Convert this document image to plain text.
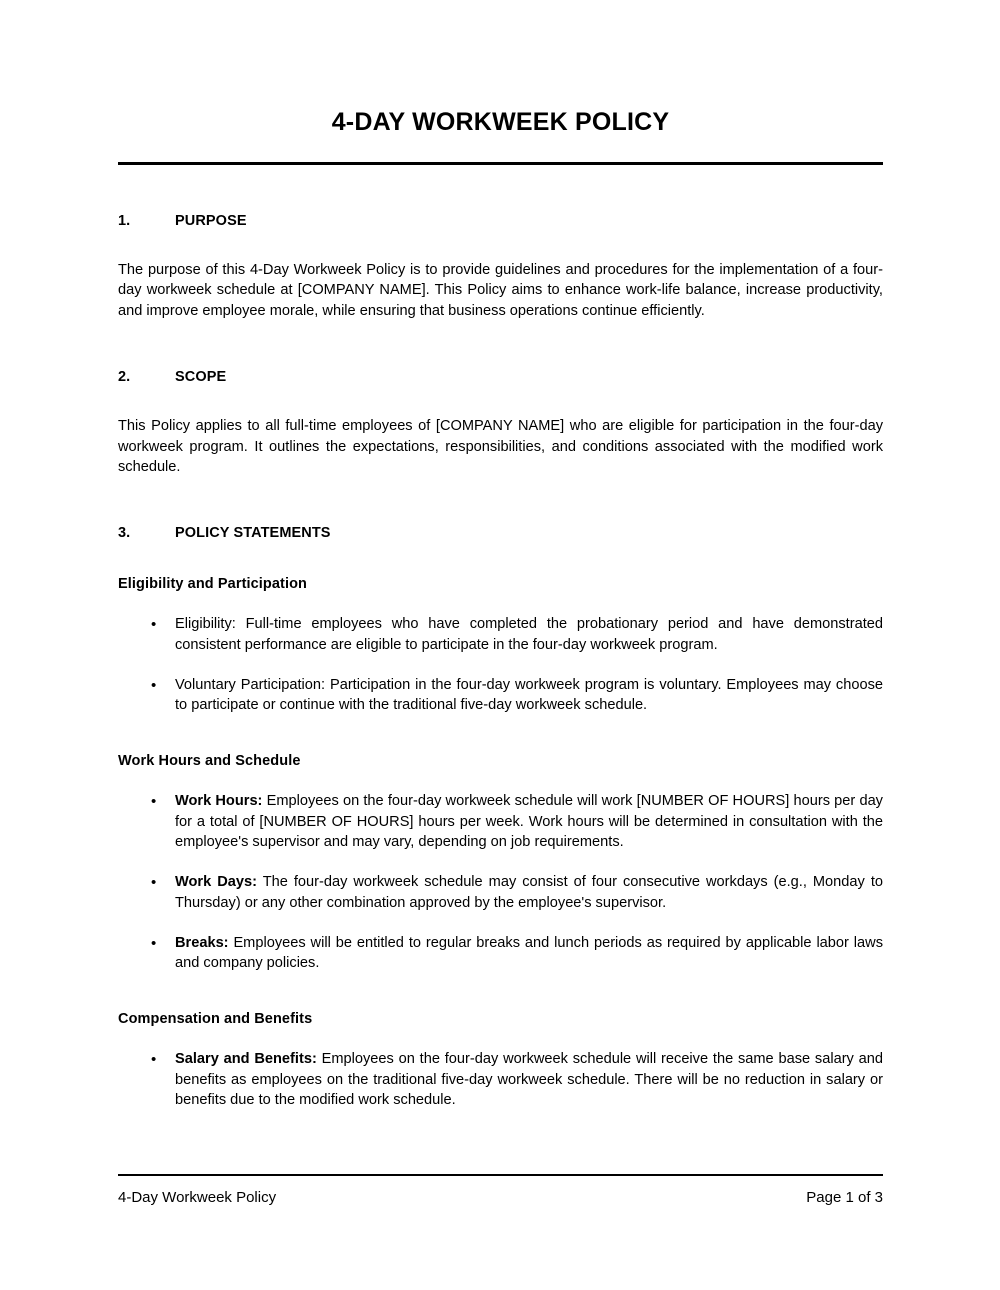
4-DAY WORKWEEK POLICY
1.	PURPOSE

The purpose of this 4-Day Workweek Policy is to provide guidelines and procedures for the implementation of a four-day workweek schedule at [COMPANY NAME]. This Policy aims to enhance work-life balance, increase productivity, and improve employee morale, while ensuring that business operations continue efficiently.

2.	SCOPE

This Policy applies to all full-time employees of [COMPANY NAME] who are eligible for participation in the four-day workweek program. It outlines the expectations, responsibilities, and conditions associated with the modified work schedule.

3.	POLICY STATEMENTS
Eligibility and Participation
• Eligibility: Full-time employees who have completed the probationary period and have demonstrated consistent performance are eligible to participate in the four-day workweek program.
• Voluntary Participation: Participation in the four-day workweek program is voluntary. Employees may choose to participate or continue with the traditional five-day workweek schedule.
Work Hours and Schedule
• Work Hours: Employees on the four-day workweek schedule will work [NUMBER OF HOURS] hours per day for a total of [NUMBER OF HOURS] hours per week. Work hours will be determined in consultation with the employee's supervisor and may vary, depending on job requirements.
• Work Days: The four-day workweek schedule may consist of four consecutive workdays (e.g., Monday to Thursday) or any other combination approved by the employee's supervisor.
• Breaks: Employees will be entitled to regular breaks and lunch periods as required by applicable labor laws and company policies.
Compensation and Benefits
• Salary and Benefits: Employees on the four-day workweek schedule will receive the same base salary and benefits as employees on the traditional five-day workweek schedule. There will be no reduction in salary or benefits due to the modified work schedule.
4-Day Workweek Policy	Page 1 of 3
